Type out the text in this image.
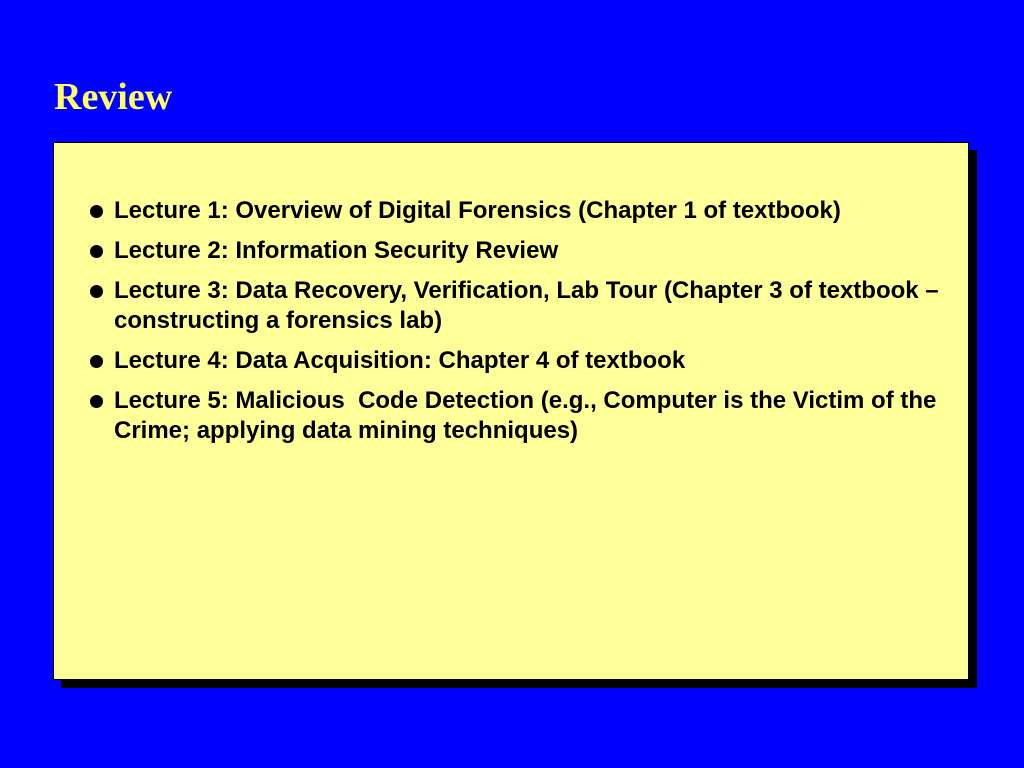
Review
Lecture 1: Overview of Digital Forensics (Chapter 1 of textbook)
Lecture 2: Information Security Review
Lecture 3: Data Recovery, Verification, Lab Tour (Chapter 3 of textbook – constructing a forensics lab)
Lecture 4: Data Acquisition: Chapter 4 of textbook
Lecture 5: Malicious  Code Detection (e.g., Computer is the Victim of the Crime; applying data mining techniques)
